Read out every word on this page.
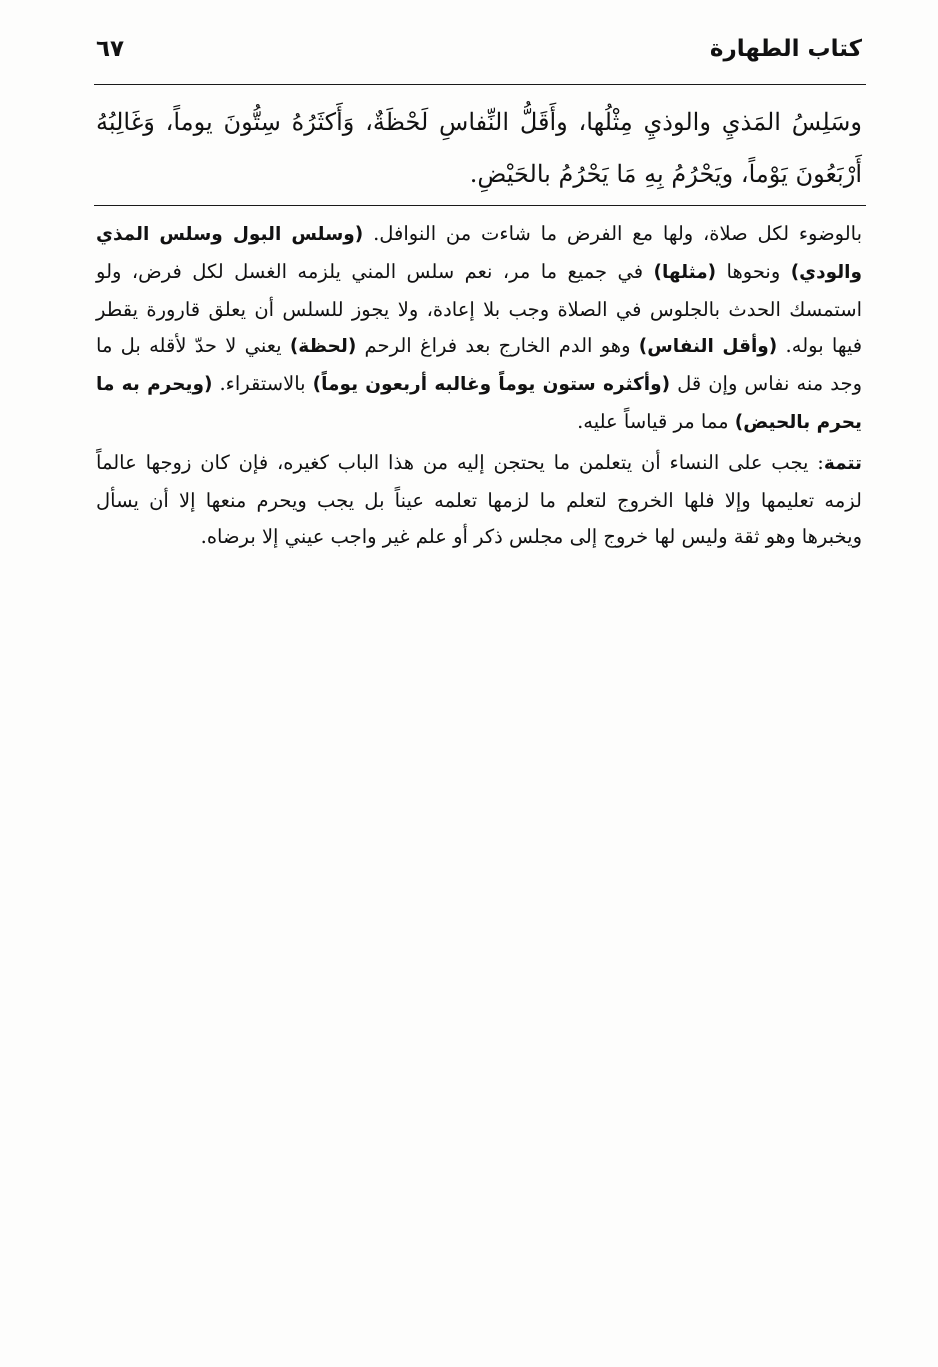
كتاب الطهارة
٦٧
وسَلِسُ المَذيِ والوذيِ مِثْلُها، وأَقَلُّ النِّفاسِ لَحْظَةٌ، وَأَكثَرُهُ سِتُّونَ يوماً، وَغَالِبُهُ أَرْبَعُونَ يَوْماً، ويَحْرُمُ بِهِ مَا يَحْرُمُ بالحَيْضِ.

بالوضوء لكل صلاة، ولها مع الفرض ما شاءت من النوافل. (وسلس البول وسلس المذي والودي) ونحوها (مثلها) في جميع ما مر، نعم سلس المني يلزمه الغسل لكل فرض، ولو استمسك الحدث بالجلوس في الصلاة وجب بلا إعادة، ولا يجوز للسلس أن يعلق قارورة يقطر فيها بوله. (وأقل النفاس) وهو الدم الخارج بعد فراغ الرحم (لحظة) يعني لا حدّ لأقله بل ما وجد منه نفاس وإن قل (وأكثره ستون يوماً وغالبه أربعون يوماً) بالاستقراء. (ويحرم به ما يحرم بالحيض) مما مر قياساً عليه.

تتمة: يجب على النساء أن يتعلمن ما يحتجن إليه من هذا الباب كغيره، فإن كان زوجها عالماً لزمه تعليمها وإلا فلها الخروج لتعلم ما لزمها تعلمه عيناً بل يجب ويحرم منعها إلا أن يسأل ويخبرها وهو ثقة وليس لها خروج إلى مجلس ذكر أو علم غير واجب عيني إلا برضاه.
